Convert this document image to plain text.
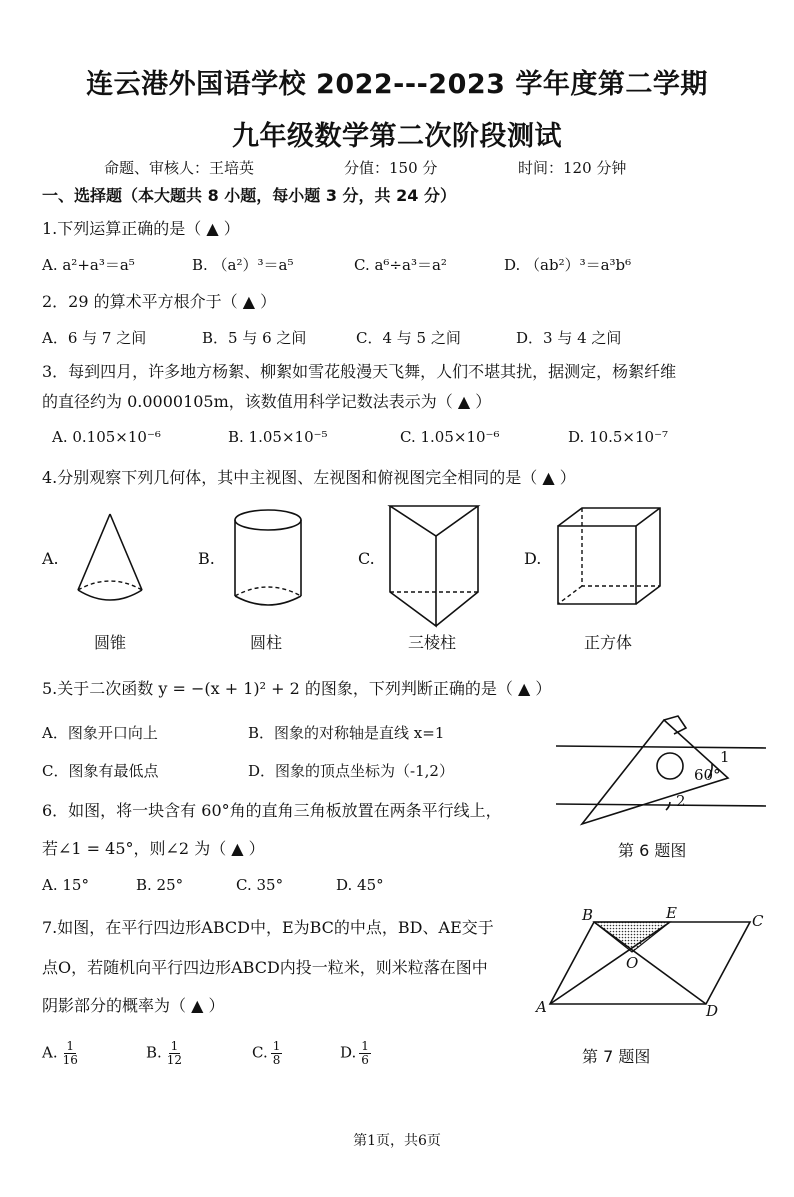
连云港外国语学校 2022---2023 学年度第二学期
九年级数学第二次阶段测试
命题、审核人：王培英	分值：150 分	时间：120 分钟
一、选择题（本大题共 8 小题，每小题 3 分，共 24 分）
1.下列运算正确的是（ ▲ ）
A. a²+a³＝a⁵	B. （a²）³＝a⁵	C. a⁶÷a³＝a²	D. （ab²）³＝a³b⁶
2．29 的算术平方根介于（ ▲ ）
A．6 与 7 之间	B．5 与 6 之间	C．4 与 5 之间	D．3 与 4 之间
3．每到四月，许多地方杨絮、柳絮如雪花般漫天飞舞，人们不堪其扰，据测定，杨絮纤维
的直径约为 0.0000105m，该数值用科学记数法表示为（ ▲ ）
A. 0.105×10⁻⁶	B. 1.05×10⁻⁵	C. 1.05×10⁻⁶	D. 10.5×10⁻⁷
4.分别观察下列几何体，其中主视图、左视图和俯视图完全相同的是（ ▲ ）
A.	B.	C.	D.
圆锥	圆柱	三棱柱	正方体
5.关于二次函数 y = −(x + 1)² + 2 的图象，下列判断正确的是（ ▲ ）
A．图象开口向上	B．图象的对称轴是直线 x=1
C．图象有最低点	D．图象的顶点坐标为（-1,2）	60°
1
2
第 6 题图
6．如图，将一块含有 60°角的直角三角板放置在两条平行线上，
若∠1 = 45°，则∠2 为（ ▲ ）
A. 15°	B. 25°	C. 35°	D. 45°
7.如图，在平行四边形ABCD中，E为BC的中点，BD、AE交于
点O，若随机向平行四边形ABCD内投一粒米，则米粒落在图中
阴影部分的概率为（ ▲ ）
A. $\frac{1}{16}$	B. $\frac{1}{12}$	C. $\frac{1}{8}$	D. $\frac{1}{6}$
B	E	C
O
A	D
第 7 题图
第1页，共6页
